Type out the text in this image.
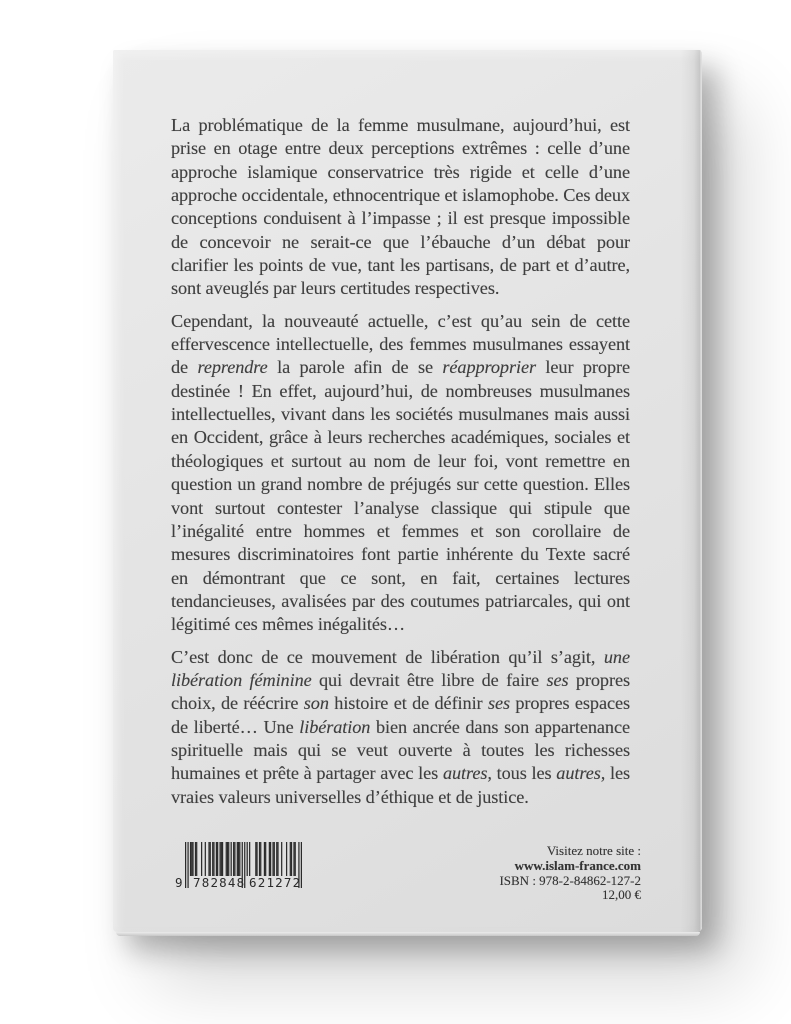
La problématique de la femme musulmane, aujourd’hui, est prise en otage entre deux perceptions extrêmes : celle d’une approche islamique conservatrice très rigide et celle d’une approche occidentale, ethnocentrique et islamophobe. Ces deux conceptions conduisent à l’impasse ; il est presque impossible de concevoir ne serait-ce que l’ébauche d’un débat pour clarifier les points de vue, tant les partisans, de part et d’autre, sont aveuglés par leurs certitudes respectives.

Cependant, la nouveauté actuelle, c’est qu’au sein de cette effervescence intellectuelle, des femmes musulmanes essayent de reprendre la parole afin de se réapproprier leur propre destinée ! En effet, aujourd’hui, de nombreuses musulmanes intellectuelles, vivant dans les sociétés musulmanes mais aussi en Occident, grâce à leurs recherches académiques, sociales et théologiques et surtout au nom de leur foi, vont remettre en question un grand nombre de préjugés sur cette question. Elles vont surtout contester l’analyse classique qui stipule que l’inégalité entre hommes et femmes et son corollaire de mesures discriminatoires font partie inhérente du Texte sacré en démontrant que ce sont, en fait, certaines lectures tendancieuses, avalisées par des coutumes patriarcales, qui ont légitimé ces mêmes inégalités…

C’est donc de ce mouvement de libération qu’il s’agit, une libération féminine qui devrait être libre de faire ses propres choix, de réécrire son histoire et de définir ses propres espaces de liberté… Une libération bien ancrée dans son appartenance spirituelle mais qui se veut ouverte à toutes les richesses humaines et prête à partager avec les autres, tous les autres, les vraies valeurs universelles d’éthique et de justice.

9 782848 621272
Visitez notre site :
www.islam-france.com
ISBN : 978-2-84862-127-2
12,00 €
